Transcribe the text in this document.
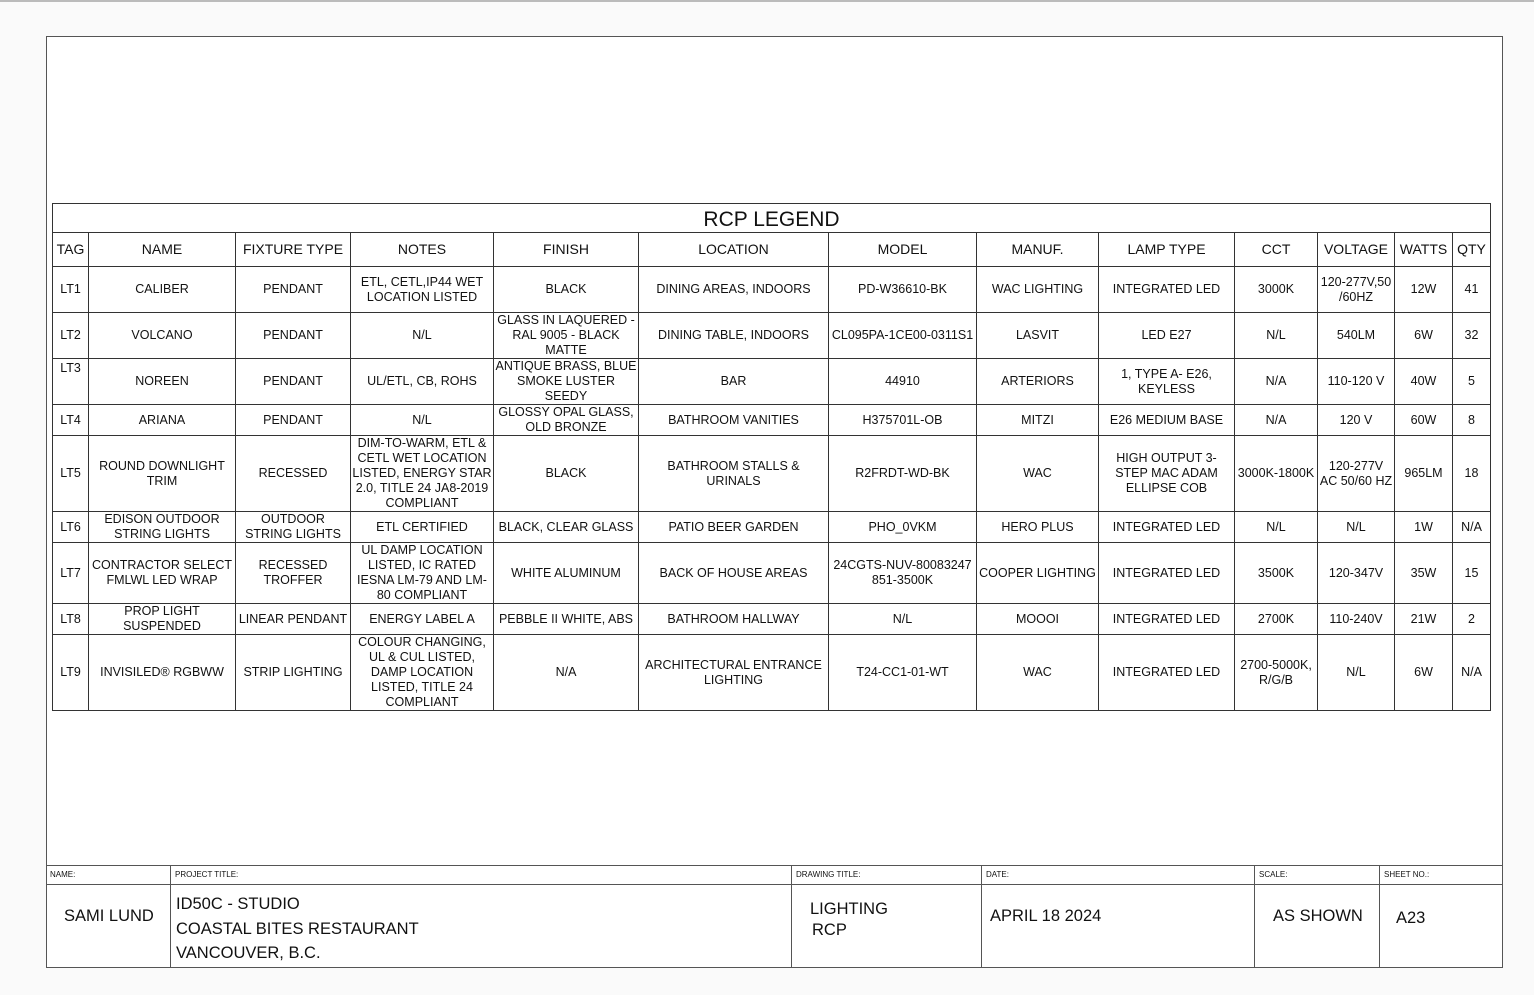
RCP LEGEND												
TAG	NAME	FIXTURE TYPE	NOTES	FINISH	LOCATION	MODEL	MANUF.	LAMP TYPE	CCT	VOLTAGE	WATTS	QTY
LT1	CALIBER	PENDANT	ETL, CETL,IP44 WET LOCATION LISTED	BLACK	DINING AREAS, INDOORS	PD-W36610-BK	WAC LIGHTING	INTEGRATED LED	3000K	120-277V,50 /60HZ	12W	41
LT2	VOLCANO	PENDANT	N/L	GLASS IN LAQUERED - RAL 9005 - BLACK MATTE	DINING TABLE, INDOORS	CL095PA-1CE00-0311S1	LASVIT	LED E27	N/L	540LM	6W	32
LT3	NOREEN	PENDANT	UL/ETL, CB, ROHS	ANTIQUE BRASS, BLUE SMOKE LUSTER SEEDY	BAR	44910	ARTERIORS	1, TYPE A- E26, KEYLESS	N/A	110-120 V	40W	5
LT4	ARIANA	PENDANT	N/L	GLOSSY OPAL GLASS, OLD BRONZE	BATHROOM VANITIES	H375701L-OB	MITZI	E26 MEDIUM BASE	N/A	120 V	60W	8
LT5	ROUND DOWNLIGHT TRIM	RECESSED	DIM-TO-WARM, ETL & CETL WET LOCATION LISTED, ENERGY STAR 2.0, TITLE 24 JA8-2019 COMPLIANT	BLACK	BATHROOM STALLS & URINALS	R2FRDT-WD-BK	WAC	HIGH OUTPUT 3-STEP MAC ADAM ELLIPSE COB	3000K-1800K	120-277V AC 50/60 HZ	965LM	18
LT6	EDISON OUTDOOR STRING LIGHTS	OUTDOOR STRING LIGHTS	ETL CERTIFIED	BLACK, CLEAR GLASS	PATIO BEER GARDEN	PHO_0VKM	HERO PLUS	INTEGRATED LED	N/L	N/L	1W	N/A
LT7	CONTRACTOR SELECT FMLWL LED WRAP	RECESSED TROFFER	UL DAMP LOCATION LISTED, IC RATED IESNA LM-79 AND LM-80 COMPLIANT	WHITE ALUMINUM	BACK OF HOUSE AREAS	24CGTS-NUV-80083247 851-3500K	COOPER LIGHTING	INTEGRATED LED	3500K	120-347V	35W	15
LT8	PROP LIGHT SUSPENDED	LINEAR PENDANT	ENERGY LABEL A	PEBBLE II WHITE, ABS	BATHROOM HALLWAY	N/L	MOOOI	INTEGRATED LED	2700K	110-240V	21W	2
LT9	INVISILED® RGBWW	STRIP LIGHTING	COLOUR CHANGING, UL & CUL LISTED, DAMP LOCATION LISTED, TITLE 24 COMPLIANT	N/A	ARCHITECTURAL ENTRANCE LIGHTING	T24-CC1-01-WT	WAC	INTEGRATED LED	2700-5000K, R/G/B	N/L	6W	N/A
NAME:
SAMI LUND
PROJECT TITLE:
ID50C - STUDIO
COASTAL BITES RESTAURANT
VANCOUVER, B.C.
DRAWING TITLE:
LIGHTING
RCP
DATE:
APRIL 18 2024
SCALE:
AS SHOWN
SHEET NO.:
A23
